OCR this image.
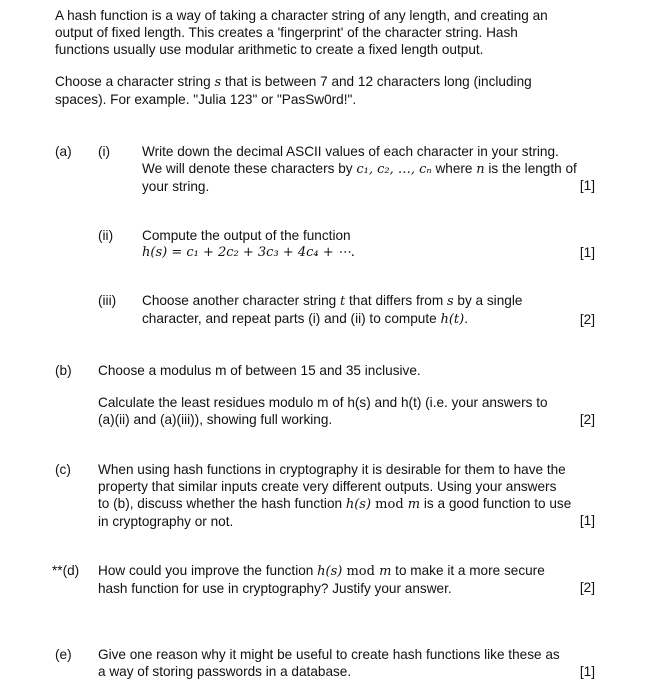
A hash function is a way of taking a character string of any length, and creating an
output of fixed length. This creates a 'fingerprint' of the character string. Hash
functions usually use modular arithmetic to create a fixed length output.
Choose a character string s that is between 7 and 12 characters long (including
spaces). For example. "Julia 123" or "PasSw0rd!".
(a) (i) Write down the decimal ASCII values of each character in your string.
We will denote these characters by c₁, c₂, …, cₙ where n is the length of
your string.	[1]
(ii) Compute the output of the function
h(s) = c₁ + 2c₂ + 3c₃ + 4c₄ + ⋯.	[1]
(iii) Choose another character string t that differs from s by a single
character, and repeat parts (i) and (ii) to compute h(t).	[2]
(b) Choose a modulus m of between 15 and 35 inclusive.
Calculate the least residues modulo m of h(s) and h(t) (i.e. your answers to
(a)(ii) and (a)(iii)), showing full working.	[2]
(c) When using hash functions in cryptography it is desirable for them to have the
property that similar inputs create very different outputs. Using your answers
to (b), discuss whether the hash function h(s) mod m is a good function to use
in cryptography or not.	[1]
**(d) How could you improve the function h(s) mod m to make it a more secure
hash function for use in cryptography? Justify your answer.	[2]
(e) Give one reason why it might be useful to create hash functions like these as
a way of storing passwords in a database.	[1]
